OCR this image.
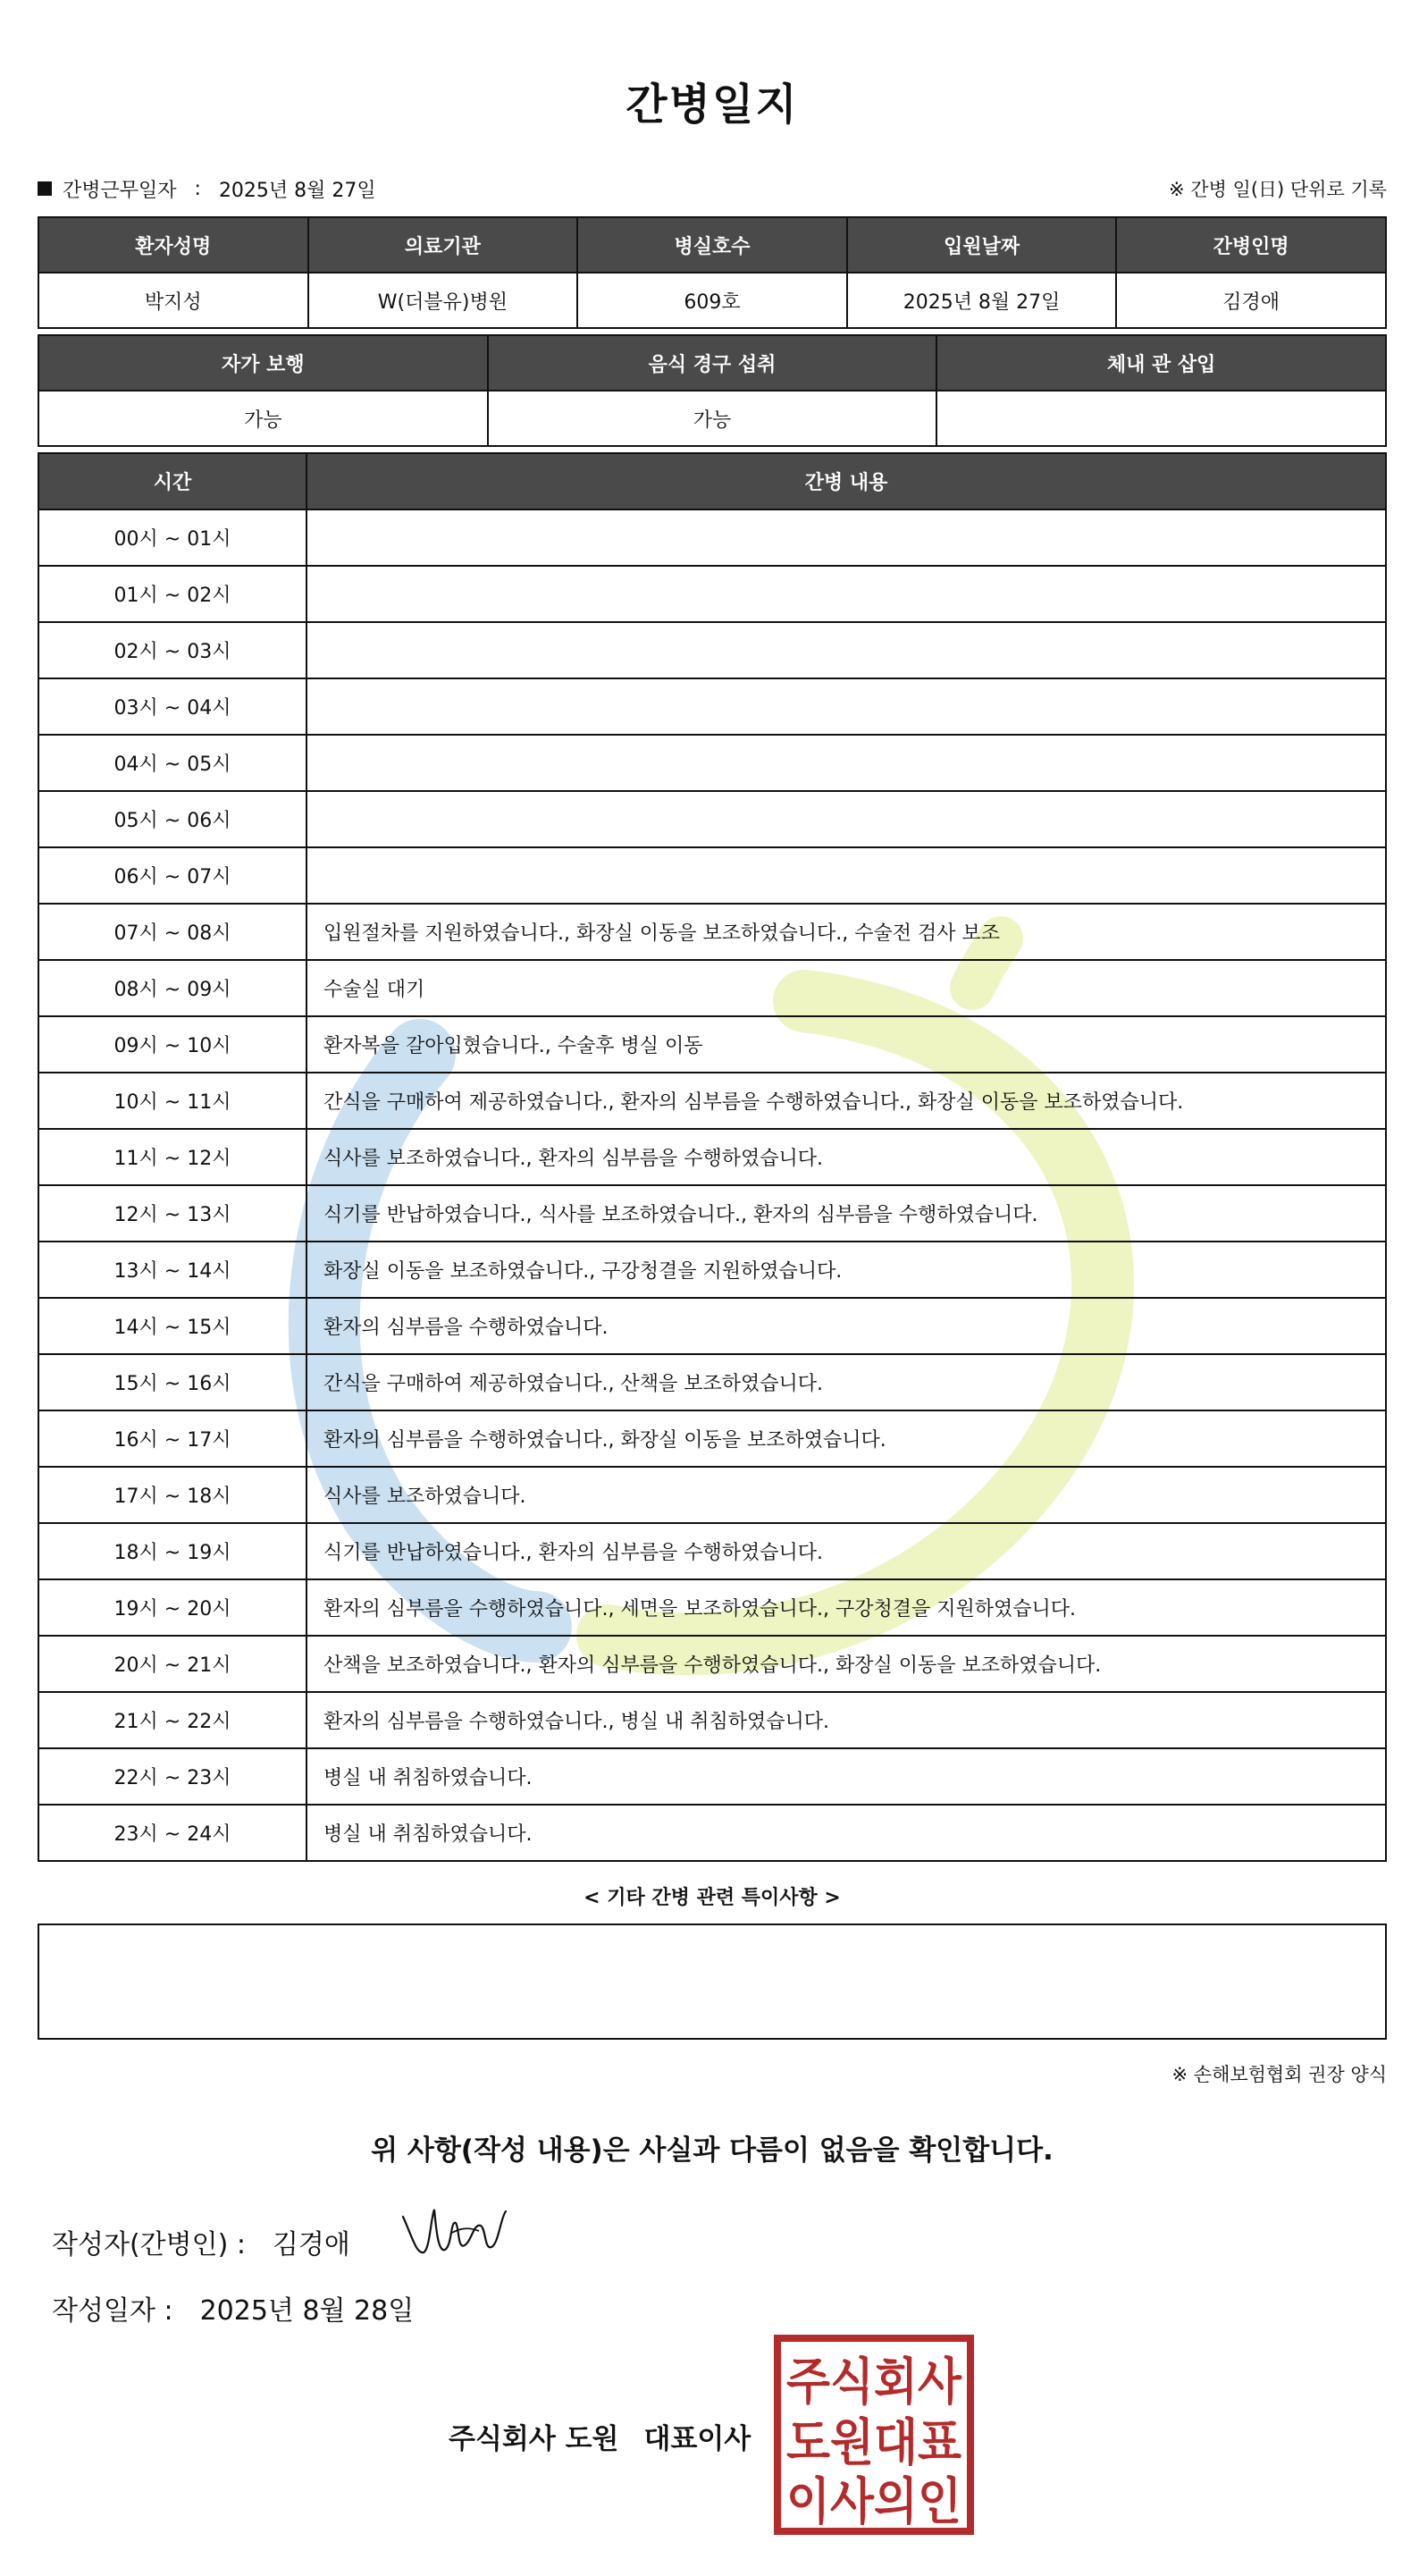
간병일지
간병근무일자 : 2025년 8월 27일	※ 간병 일(日) 단위로 기록
환자성명	의료기관	병실호수	입원날짜	간병인명
박지성	W(더블유)병원	609호	2025년 8월 27일	김경애
자가 보행	음식 경구 섭취	체내 관 삽입
가능	가능	
시간	간병 내용
00시 ~ 01시	
01시 ~ 02시	
02시 ~ 03시	
03시 ~ 04시	
04시 ~ 05시	
05시 ~ 06시	
06시 ~ 07시	
07시 ~ 08시	입원절차를 지원하였습니다., 화장실 이동을 보조하였습니다., 수술전 검사 보조
08시 ~ 09시	수술실 대기
09시 ~ 10시	환자복을 갈아입혔습니다., 수술후 병실 이동
10시 ~ 11시	간식을 구매하여 제공하였습니다., 환자의 심부름을 수행하였습니다., 화장실 이동을 보조하였습니다.
11시 ~ 12시	식사를 보조하였습니다., 환자의 심부름을 수행하였습니다.
12시 ~ 13시	식기를 반납하였습니다., 식사를 보조하였습니다., 환자의 심부름을 수행하였습니다.
13시 ~ 14시	화장실 이동을 보조하였습니다., 구강청결을 지원하였습니다.
14시 ~ 15시	환자의 심부름을 수행하였습니다.
15시 ~ 16시	간식을 구매하여 제공하였습니다., 산책을 보조하였습니다.
16시 ~ 17시	환자의 심부름을 수행하였습니다., 화장실 이동을 보조하였습니다.
17시 ~ 18시	식사를 보조하였습니다.
18시 ~ 19시	식기를 반납하였습니다., 환자의 심부름을 수행하였습니다.
19시 ~ 20시	환자의 심부름을 수행하였습니다., 세면을 보조하였습니다., 구강청결을 지원하였습니다.
20시 ~ 21시	산책을 보조하였습니다., 환자의 심부름을 수행하였습니다., 화장실 이동을 보조하였습니다.
21시 ~ 22시	환자의 심부름을 수행하였습니다., 병실 내 취침하였습니다.
22시 ~ 23시	병실 내 취침하였습니다.
23시 ~ 24시	병실 내 취침하였습니다.
< 기타 간병 관련 특이사항 >
※ 손해보험협회 권장 양식
위 사항(작성 내용)은 사실과 다름이 없음을 확인합니다.
작성자(간병인) : 김경애
작성일자 : 2025년 8월 28일
주식회사 도원 대표이사
주식회사
도원대표
이사의인
